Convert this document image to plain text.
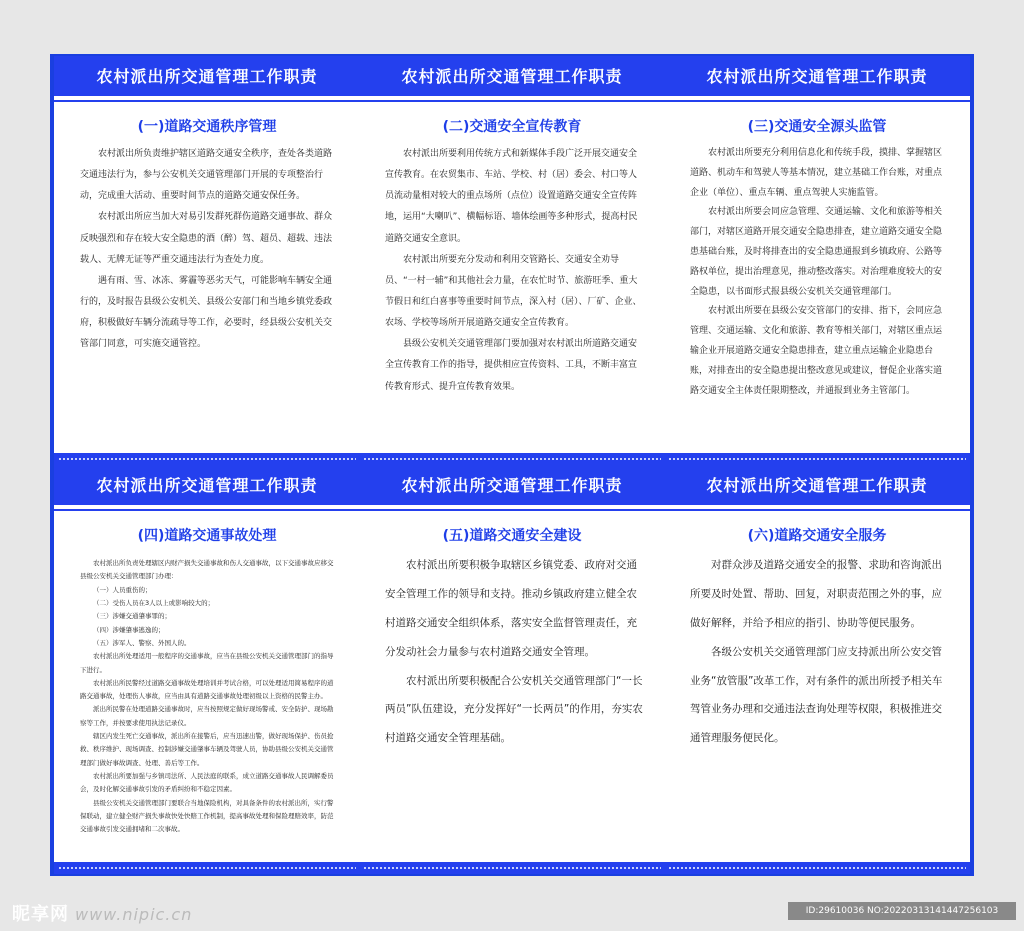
农村派出所交通管理工作职责
(一)道路交通秩序管理

农村派出所负责维护辖区道路交通安全秩序，查处各类道路交通违法行为，参与公安机关交通管理部门开展的专项整治行动，完成重大活动、重要时间节点的道路交通安保任务。

农村派出所应当加大对易引发群死群伤道路交通事故、群众反映强烈和存在较大安全隐患的酒（醉）驾、超员、超载、违法载人、无牌无证等严重交通违法行为查处力度。

遇有雨、雪、冰冻、雾霾等恶劣天气，可能影响车辆安全通行的，及时报告县级公安机关、县级公安部门和当地乡镇党委政府，积极做好车辆分流疏导等工作，必要时，经县级公安机关交管部门同意，可实施交通管控。

农村派出所交通管理工作职责
(二)交通安全宣传教育

农村派出所要利用传统方式和新媒体手段广泛开展交通安全宣传教育。在农贸集市、车站、学校、村（居）委会、村口等人员流动量相对较大的重点场所（点位）设置道路交通安全宣传阵地，运用“大喇叭”、横幅标语、墙体绘画等多种形式，提高村民道路交通安全意识。

农村派出所要充分发动和利用交管路长、交通安全劝导员、“一村一辅”和其他社会力量，在农忙时节、旅游旺季、重大节假日和红白喜事等重要时间节点，深入村（居）、厂矿、企业、农场、学校等场所开展道路交通安全宣传教育。

县级公安机关交通管理部门要加强对农村派出所道路交通安全宣传教育工作的指导，提供相应宣传资料、工具，不断丰富宣传教育形式、提升宣传教育效果。

农村派出所交通管理工作职责
(三)交通安全源头监管

农村派出所要充分利用信息化和传统手段，摸排、掌握辖区道路、机动车和驾驶人等基本情况，建立基础工作台账，对重点企业（单位）、重点车辆、重点驾驶人实施监管。

农村派出所要会同应急管理、交通运输、文化和旅游等相关部门，对辖区道路开展交通安全隐患排查，建立道路交通安全隐患基础台账，及时将排查出的安全隐患通报到乡镇政府、公路等路权单位，提出治理意见，推动整改落实。对治理难度较大的安全隐患，以书面形式报县级公安机关交通管理部门。

农村派出所要在县级公安交管部门的安排、指下，会同应急管理、交通运输、文化和旅游、教育等相关部门，对辖区重点运输企业开展道路交通安全隐患排查，建立重点运输企业隐患台账，对排查出的安全隐患提出整改意见或建议，督促企业落实道路交通安全主体责任限期整改，并通报到业务主管部门。

农村派出所交通管理工作职责
(四)道路交通事故处理

农村派出所负责处理辖区内财产损失交通事故和伤人交通事故，以下交通事故应移交县级公安机关交通管理部门办理：

（一）人员重伤的；

（二）受伤人员在3人以上或影响较大的；

（三）涉嫌交通肇事罪的；

（四）涉嫌肇事逃逸的；

（五）涉军人、警察、外国人的。

农村派出所处理适用一般程序的交通事故，应当在县级公安机关交通管理部门的指导下进行。

农村派出所民警经过道路交通事故处理培训并考试合格，可以处理适用简易程序的道路交通事故，处理伤人事故，应当由具有道路交通事故处理初级以上资格的民警主办。

派出所民警在处理道路交通事故时，应当按照规定做好现场警戒、安全防护、现场勘察等工作，并按要求使用执法记录仪。

辖区内发生死亡交通事故，派出所在接警后，应当迅速出警，做好现场保护、伤员抢救、秩序维护、现场调查、控制涉嫌交通肇事车辆及驾驶人员，协助县级公安机关交通管理部门做好事故调查、处理、善后等工作。

农村派出所要加强与乡镇司法所、人民法庭的联系，成立道路交通事故人民调解委员会，及时化解交通事故引发的矛盾纠纷和不稳定因素。

县级公安机关交通管理部门要联合当地保险机构，对具备条件的农村派出所，实行警保联动，建立健全财产损失事故快处快赔工作机制，提高事故处理和保险理赔效率，防范交通事故引发交通拥堵和二次事故。

农村派出所交通管理工作职责
(五)道路交通安全建设

农村派出所要积极争取辖区乡镇党委、政府对交通安全管理工作的领导和支持。推动乡镇政府建立健全农村道路交通安全组织体系，落实安全监督管理责任，充分发动社会力量参与农村道路交通安全管理。

农村派出所要积极配合公安机关交通管理部门“一长两员”队伍建设，充分发挥好“一长两员”的作用，夯实农村道路交通安全管理基础。

农村派出所交通管理工作职责
(六)道路交通安全服务

对群众涉及道路交通安全的报警、求助和咨询派出所要及时处置、帮助、回复，对职责范围之外的事，应做好解释，并给予相应的指引、协助等便民服务。

各级公安机关交通管理部门应支持派出所公安交管业务“放管服”改革工作，对有条件的派出所授予相关车驾管业务办理和交通违法查询处理等权限，积极推进交通管理服务便民化。

昵享网 www.nipic.cn	ID:29610036 NO:20220313141447256103
